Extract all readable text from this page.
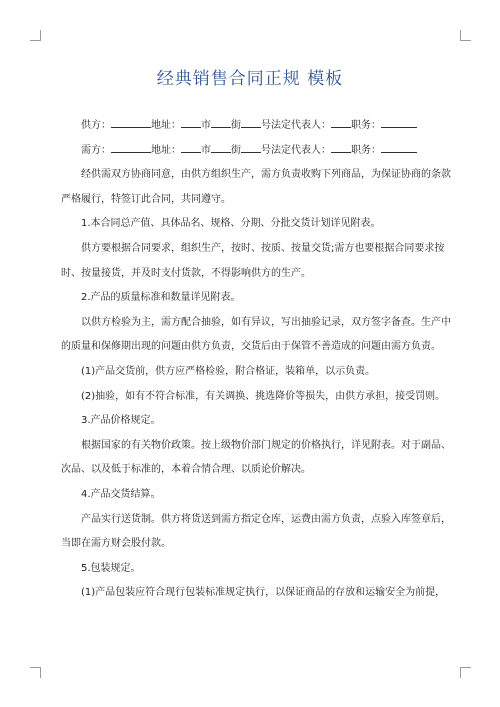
经典销售合同正规 模板

供方：	地址： 市 街 号法定代表人： 职务：

需方：	地址： 市 街 号法定代表人： 职务：

经供需双方协商同意，由供方组织生产，需方负责收购下列商品，为保证协商的条款严格履行，特签订此合同，共同遵守。

1.本合同总产值、具体品名、规格、分期、分批交货计划详见附表。

供方要根据合同要求，组织生产，按时、按质、按量交货;需方也要根据合同要求按时、按量接货，并及时支付货款，不得影响供方的生产。

2.产品的质量标准和数量详见附表。

以供方检验为主，需方配合抽验，如有异议，写出抽验记录，双方签字备查。生产中的质量和保修期出现的问题由供方负责，交货后由于保管不善造成的问题由需方负责。

(1)产品交货前，供方应严格检验，附合格证，装箱单，以示负责。

(2)抽验，如有不符合标准，有关调换、挑选降价等损失，由供方承担，接受罚则。

3.产品价格规定。

根据国家的有关物价政策。按上级物价部门规定的价格执行，详见附表。对于副品、次品、以及低于标准的，本着合情合理、以质论价解决。

4.产品交货结算。

产品实行送货制。供方将货送到需方指定仓库，运费由需方负责，点验入库签章后，当即在需方财会股付款。

5.包装规定。

(1)产品包装应符合现行包装标准规定执行，以保证商品的存放和运输安全为前提，
